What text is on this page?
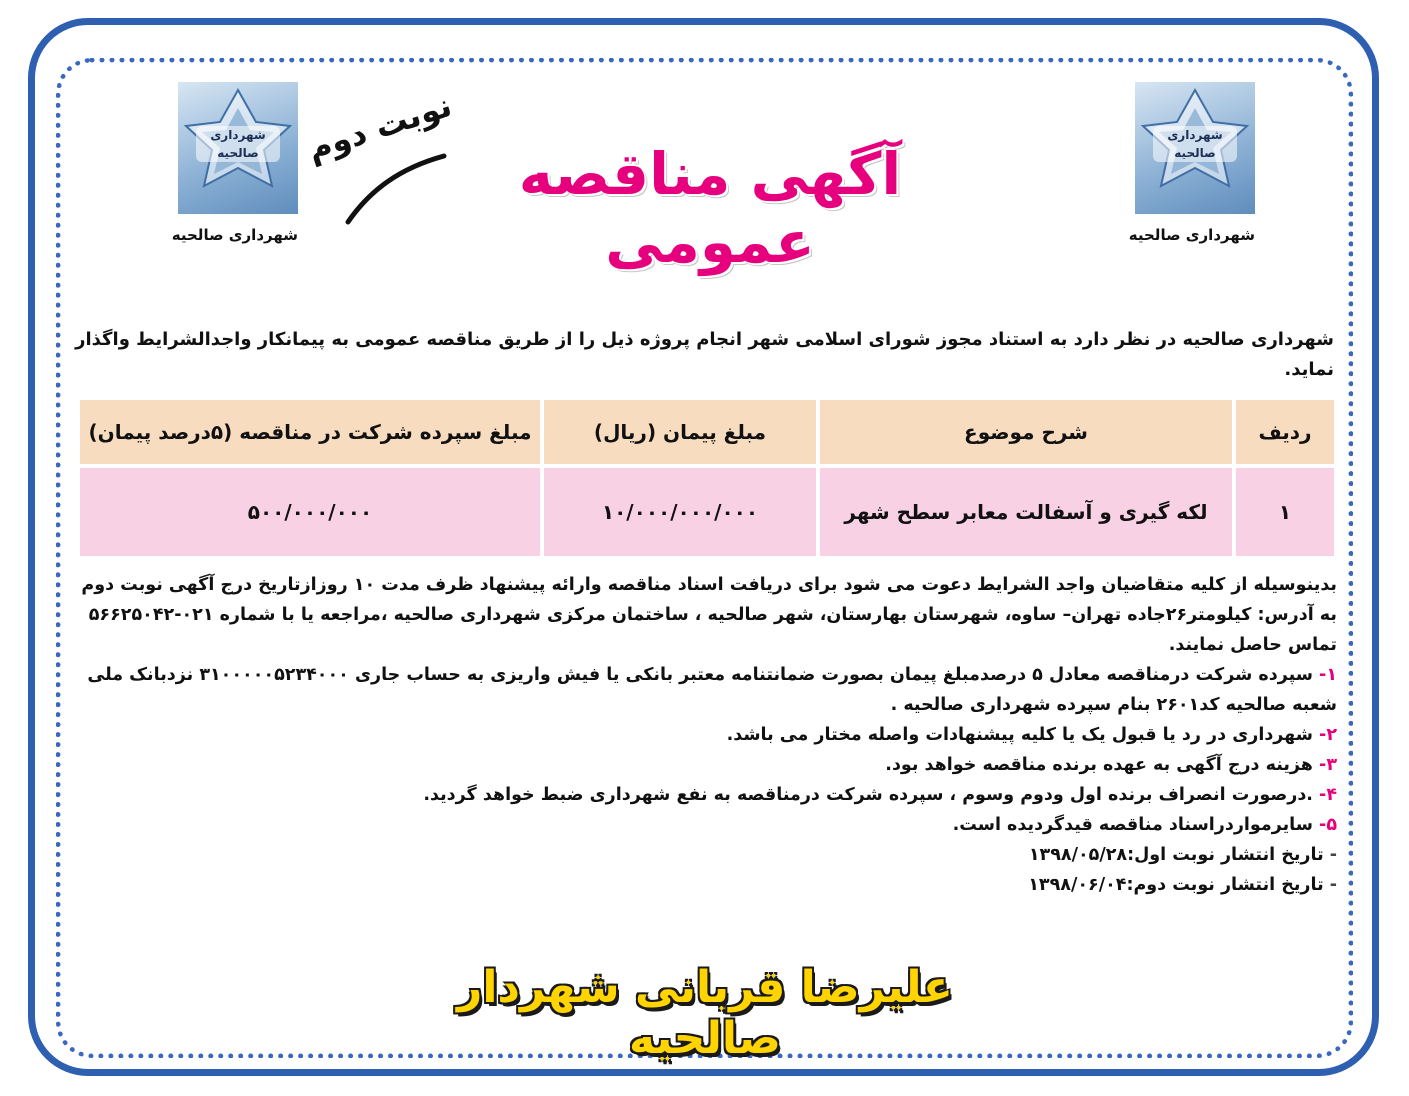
شهرداری
صالحیه
شهرداری صالحیه
شهرداری
صالحیه
شهرداری صالحیه
آگهی مناقصه عمومی
نوبت دوم
شهرداری صالحیه در نظر دارد به استناد مجوز شورای اسلامی شهر انجام پروژه ذیل را از طریق مناقصه عمومی به پیمانکار واجدالشرایط واگذار نماید.
ردیف	شرح موضوع	مبلغ پیمان (ریال)	مبلغ سپرده شرکت در مناقصه (۵درصد پیمان)
۱	لکه گیری و آسفالت معابر سطح شهر	۱۰/۰۰۰/۰۰۰/۰۰۰	۵۰۰/۰۰۰/۰۰۰

بدینوسیله از کلیه متقاضیان واجد الشرایط دعوت می شود برای دریافت اسناد مناقصه وارائه پیشنهاد ظرف مدت ۱۰ روزازتاریخ درج آگهی نوبت دوم به آدرس: کیلومتر۲۶جاده تهران– ساوه، شهرستان بهارستان، شهر صالحیه ، ساختمان مرکزی شهرداری صالحیه ،مراجعه یا با شماره ۰۲۱-۵۶۶۲۵۰۴۲ تماس حاصل نمایند.

۱- سپرده شرکت درمناقصه معادل ۵ درصدمبلغ پیمان بصورت ضمانتنامه معتبر بانکی یا فیش واریزی به حساب جاری ۳۱۰۰۰۰۰۵۲۳۴۰۰۰ نزدبانک ملی شعبه صالحیه کد۲۶۰۱ بنام سپرده شهرداری صالحیه .

۲- شهرداری در رد یا قبول یک یا کلیه پیشنهادات واصله مختار می باشد.

۳- هزینه درج آگهی به عهده برنده مناقصه خواهد بود.

۴- .درصورت انصراف برنده اول ودوم وسوم ، سپرده شرکت درمناقصه به نفع شهرداری ضبط خواهد گردید.

۵- سایرمواردراسناد مناقصه قیدگردیده است.

- تاریخ انتشار نوبت اول:۱۳۹۸/۰۵/۲۸

- تاریخ انتشار نوبت دوم:۱۳۹۸/۰۶/۰۴

علیرضا قربانی شهردار صالحیه
